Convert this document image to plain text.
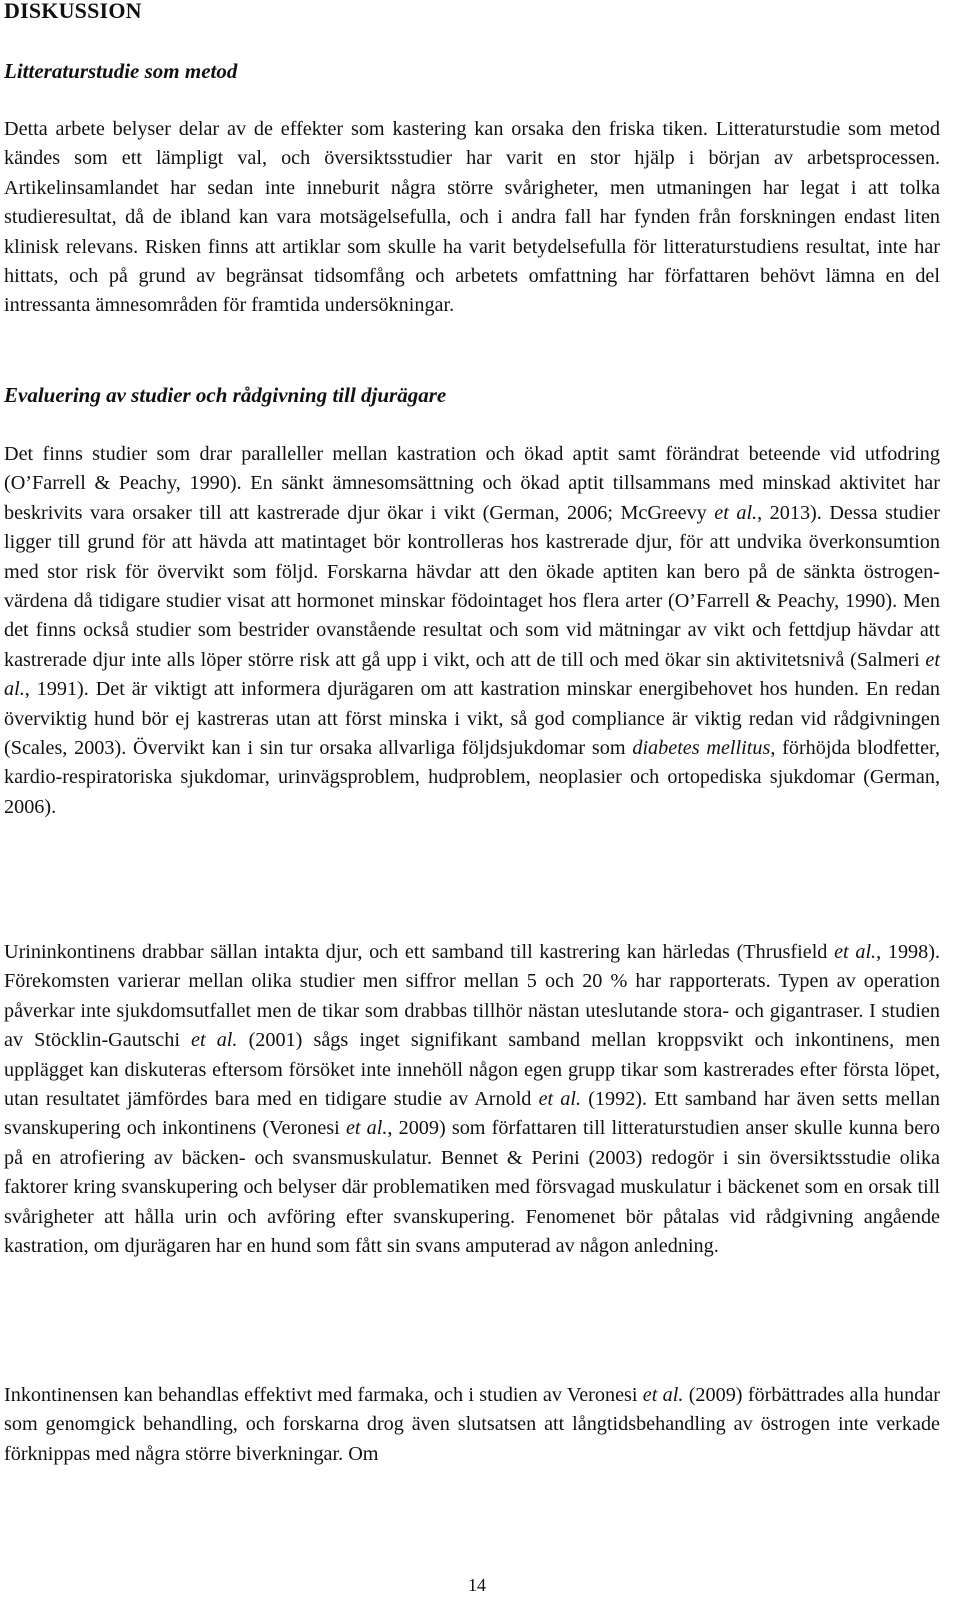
DISKUSSION
Litteraturstudie som metod

Detta arbete belyser delar av de effekter som kastering kan orsaka den friska tiken. Litteraturstudie som metod kändes som ett lämpligt val, och översiktsstudier har varit en stor hjälp i början av arbetsprocessen. Artikelinsamlandet har sedan inte inneburit några större svårigheter, men utmaningen har legat i att tolka studieresultat, då de ibland kan vara motsägelsefulla, och i andra fall har fynden från forskningen endast liten klinisk relevans. Risken finns att artiklar som skulle ha varit betydelsefulla för litteraturstudiens resultat, inte har hittats, och på grund av begränsat tidsomfång och arbetets omfattning har författaren behövt lämna en del intressanta ämnesområden för framtida undersökningar.

Evaluering av studier och rådgivning till djurägare

Det finns studier som drar paralleller mellan kastration och ökad aptit samt förändrat beteende vid utfodring (O’Farrell & Peachy, 1990). En sänkt ämnesomsättning och ökad aptit tillsammans med minskad aktivitet har beskrivits vara orsaker till att kastrerade djur ökar i vikt (German, 2006; McGreevy et al., 2013). Dessa studier ligger till grund för att hävda att matintaget bör kontrolleras hos kastrerade djur, för att undvika överkonsumtion med stor risk för övervikt som följd. Forskarna hävdar att den ökade aptiten kan bero på de sänkta östrogen-värdena då tidigare studier visat att hormonet minskar födointaget hos flera arter (O’Farrell & Peachy, 1990). Men det finns också studier som bestrider ovanstående resultat och som vid mätningar av vikt och fettdjup hävdar att kastrerade djur inte alls löper större risk att gå upp i vikt, och att de till och med ökar sin aktivitetsnivå (Salmeri et al., 1991). Det är viktigt att informera djurägaren om att kastration minskar energibehovet hos hunden. En redan överviktig hund bör ej kastreras utan att först minska i vikt, så god compliance är viktig redan vid rådgivningen (Scales, 2003). Övervikt kan i sin tur orsaka allvarliga följdsjukdomar som diabetes mellitus, förhöjda blodfetter, kardio-respiratoriska sjukdomar, urinvägsproblem, hudproblem, neoplasier och ortopediska sjukdomar (German, 2006).

Urininkontinens drabbar sällan intakta djur, och ett samband till kastrering kan härledas (Thrusfield et al., 1998). Förekomsten varierar mellan olika studier men siffror mellan 5 och 20 % har rapporterats. Typen av operation påverkar inte sjukdomsutfallet men de tikar som drabbas tillhör nästan uteslutande stora- och gigantraser. I studien av Stöcklin-Gautschi et al. (2001) sågs inget signifikant samband mellan kroppsvikt och inkontinens, men upplägget kan diskuteras eftersom försöket inte innehöll någon egen grupp tikar som kastrerades efter första löpet, utan resultatet jämfördes bara med en tidigare studie av Arnold et al. (1992). Ett samband har även setts mellan svanskupering och inkontinens (Veronesi et al., 2009) som författaren till litteraturstudien anser skulle kunna bero på en atrofiering av bäcken- och svansmuskulatur. Bennet & Perini (2003) redogör i sin översiktsstudie olika faktorer kring svanskupering och belyser där problematiken med försvagad muskulatur i bäckenet som en orsak till svårigheter att hålla urin och avföring efter svanskupering. Fenomenet bör påtalas vid rådgivning angående kastration, om djurägaren har en hund som fått sin svans amputerad av någon anledning.

Inkontinensen kan behandlas effektivt med farmaka, och i studien av Veronesi et al. (2009) förbättrades alla hundar som genomgick behandling, och forskarna drog även slutsatsen att långtidsbehandling av östrogen inte verkade förknippas med några större biverkningar. Om

14
